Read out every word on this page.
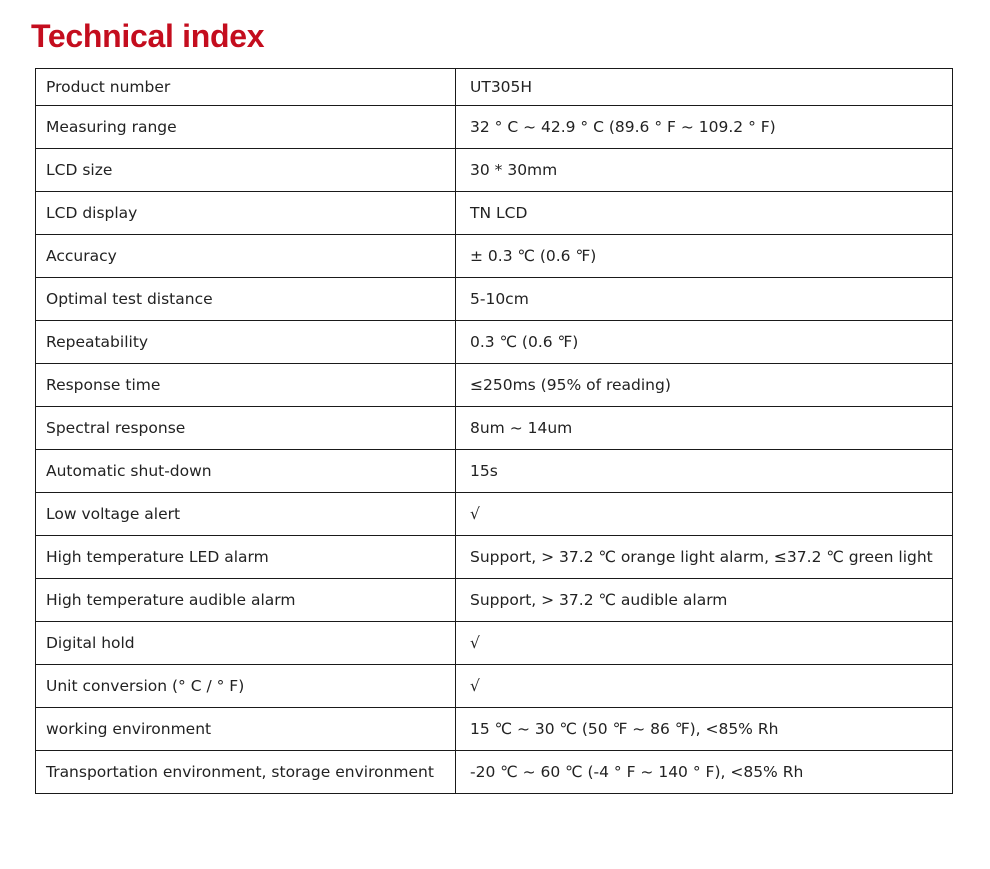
Technical index
Product number	UT305H
Measuring range	32 ° C ~ 42.9 ° C (89.6 ° F ~ 109.2 ° F)
LCD size	30 * 30mm
LCD display	TN LCD
Accuracy	± 0.3 ℃ (0.6 ℉)
Optimal test distance	5-10cm
Repeatability	0.3 ℃ (0.6 ℉)
Response time	≤250ms (95% of reading)
Spectral response	8um ~ 14um
Automatic shut-down	15s
Low voltage alert	√
High temperature LED alarm	Support, > 37.2 ℃ orange light alarm, ≤37.2 ℃ green light
High temperature audible alarm	Support, > 37.2 ℃ audible alarm
Digital hold	√
Unit conversion (° C / ° F)	√
working environment	15 ℃ ~ 30 ℃ (50 ℉ ~ 86 ℉), <85% Rh
Transportation environment, storage environment	-20 ℃ ~ 60 ℃ (-4 ° F ~ 140 ° F), <85% Rh
